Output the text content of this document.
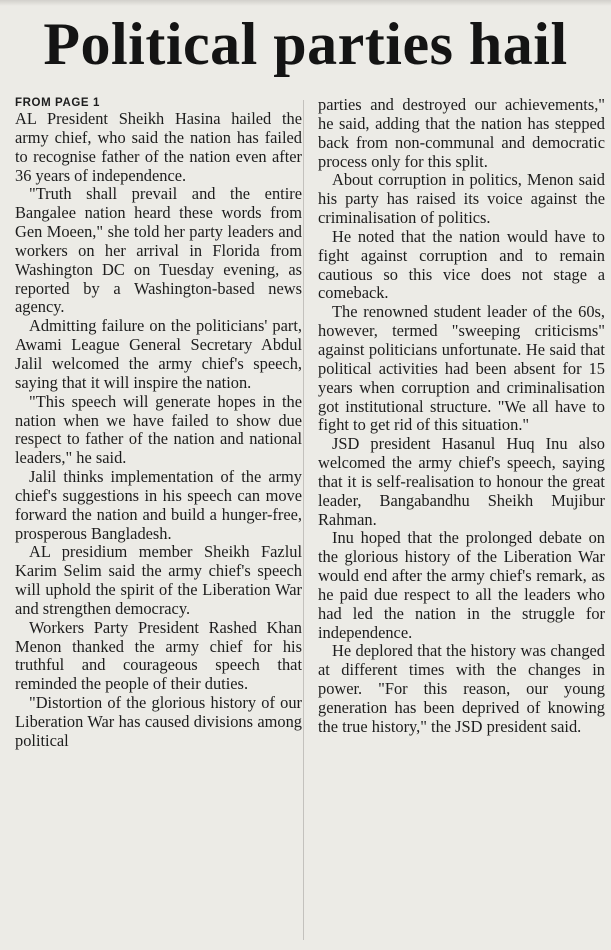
Political parties hail
FROM PAGE 1

AL President Sheikh Hasina hailed the army chief, who said the nation has failed to recognise father of the nation even after 36 years of independence.

"Truth shall prevail and the entire Bangalee nation heard these words from Gen Moeen," she told her party leaders and workers on her arrival in Florida from Washington DC on Tuesday evening, as reported by a Washington-based news agency.

Admitting failure on the politicians' part, Awami League General Secretary Abdul Jalil welcomed the army chief's speech, saying that it will inspire the nation.

"This speech will generate hopes in the nation when we have failed to show due respect to father of the nation and national leaders," he said.

Jalil thinks implementation of the army chief's suggestions in his speech can move forward the nation and build a hunger-free, prosperous Bangladesh.

AL presidium member Sheikh Fazlul Karim Selim said the army chief's speech will uphold the spirit of the Liberation War and strengthen democracy.

Workers Party President Rashed Khan Menon thanked the army chief for his truthful and courageous speech that reminded the people of their duties.

"Distortion of the glorious history of our Liberation War has caused divisions among political

parties and destroyed our achievements," he said, adding that the nation has stepped back from non-communal and democratic process only for this split.

About corruption in politics, Menon said his party has raised its voice against the criminalisation of politics.

He noted that the nation would have to fight against corruption and to remain cautious so this vice does not stage a comeback.

The renowned student leader of the 60s, however, termed "sweeping criticisms" against politicians unfortunate. He said that political activities had been absent for 15 years when corruption and criminalisation got institutional structure. "We all have to fight to get rid of this situation."

JSD president Hasanul Huq Inu also welcomed the army chief's speech, saying that it is self-realisation to honour the great leader, Bangabandhu Sheikh Mujibur Rahman.

Inu hoped that the prolonged debate on the glorious history of the Liberation War would end after the army chief's remark, as he paid due respect to all the leaders who had led the nation in the struggle for independence.

He deplored that the history was changed at different times with the changes in power. "For this reason, our young generation has been deprived of knowing the true history," the JSD president said.
